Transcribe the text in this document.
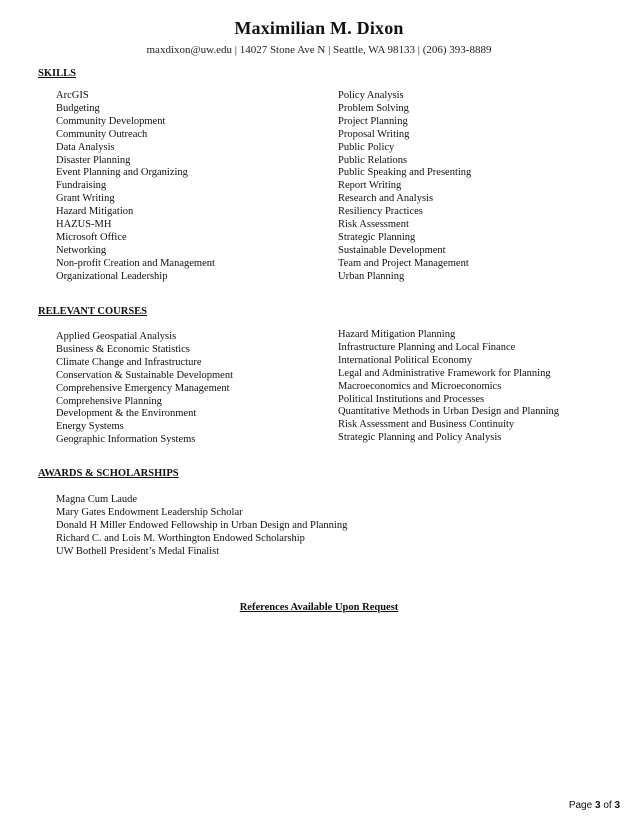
Maximilian M. Dixon
maxdixon@uw.edu | 14027 Stone Ave N | Seattle, WA 98133 | (206) 393-8889
SKILLS
ArcGIS
Budgeting
Community Development
Community Outreach
Data Analysis
Disaster Planning
Event Planning and Organizing
Fundraising
Grant Writing
Hazard Mitigation
HAZUS-MH
Microsoft Office
Networking
Non-profit Creation and Management
Organizational Leadership
Policy Analysis
Problem Solving
Project Planning
Proposal Writing
Public Policy
Public Relations
Public Speaking and Presenting
Report Writing
Research and Analysis
Resiliency Practices
Risk Assessment
Strategic Planning
Sustainable Development
Team and Project Management
Urban Planning
RELEVANT COURSES
Applied Geospatial Analysis
Business & Economic Statistics
Climate Change and Infrastructure
Conservation & Sustainable Development
Comprehensive Emergency Management
Comprehensive Planning
Development & the Environment
Energy Systems
Geographic Information Systems
Hazard Mitigation Planning
Infrastructure Planning and Local Finance
International Political Economy
Legal and Administrative Framework for Planning
Macroeconomics and Microeconomics
Political Institutions and Processes
Quantitative Methods in Urban Design and Planning
Risk Assessment and Business Continuity
Strategic Planning and Policy Analysis
AWARDS & SCHOLARSHIPS
Magna Cum Laude
Mary Gates Endowment Leadership Scholar
Donald H Miller Endowed Fellowship in Urban Design and Planning
Richard C. and Lois M. Worthington Endowed Scholarship
UW Bothell President’s Medal Finalist
References Available Upon Request
Page 3 of 3
